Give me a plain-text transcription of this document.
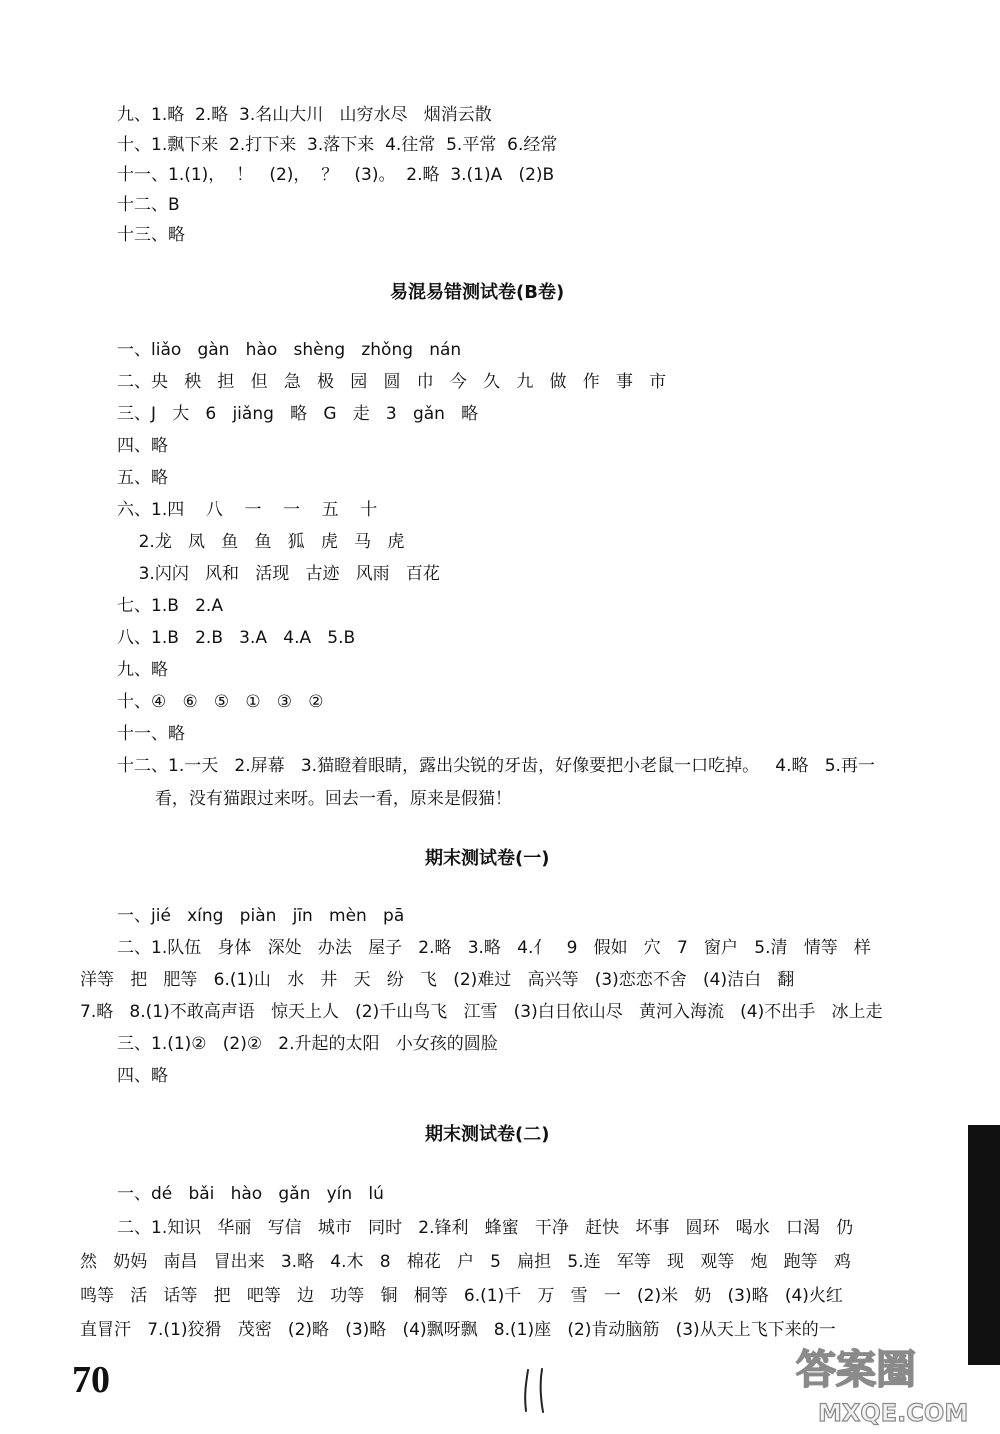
九、1.略  2.略  3.名山大川   山穷水尽   烟消云散
十、1.飘下来  2.打下来  3.落下来  4.往常  5.平常  6.经常
十一、1.(1)，  ！   (2)，  ？   (3)。  2.略  3.(1)A   (2)B
十二、B
十三、略
易混易错测试卷(B卷)
一、liǎo   gàn   hào   shèng   zhǒng   nán
二、央   秧   担   但   急   极   园   圆   巾   今   久   九   做   作   事   市
三、J   大   6   jiǎng   略   G   走   3   gǎn   略
四、略
五、略
六、1.四    八    一    一    五    十
2.龙   凤   鱼   鱼   狐   虎   马   虎
3.闪闪   风和   活现   古迹   风雨   百花
七、1.B   2.A
八、1.B   2.B   3.A   4.A   5.B
九、略
十、④   ⑥   ⑤   ①   ③   ②
十一、略
十二、1.一天   2.屏幕   3.猫瞪着眼睛，露出尖锐的牙齿，好像要把小老鼠一口吃掉。   4.略   5.再一
看，没有猫跟过来呀。回去一看，原来是假猫！
期末测试卷(一)
一、jié   xíng   piàn   jīn   mèn   pā
二、1.队伍   身体   深处   办法   屋子   2.略   3.略   4.亻   9   假如   穴   7   窗户   5.清   情等   样
洋等   把   肥等   6.(1)山   水   井   天   纷   飞   (2)难过   高兴等   (3)恋恋不舍   (4)洁白   翻
7.略   8.(1)不敢高声语   惊天上人   (2)千山鸟飞   江雪   (3)白日依山尽   黄河入海流   (4)不出手   冰上走
三、1.(1)②   (2)②   2.升起的太阳   小女孩的圆脸
四、略
期末测试卷(二)
一、dé   bǎi   hào   gǎn   yín   lú
二、1.知识   华丽   写信   城市   同时   2.锋利   蜂蜜   干净   赶快   坏事   圆环   喝水   口渴   仍
然   奶妈   南昌   冒出来   3.略   4.木   8   棉花   户   5   扁担   5.连   军等   现   观等   炮   跑等   鸡
鸣等   活   话等   把   吧等   边   功等   铜   桐等   6.(1)千   万   雪   一   (2)米   奶   (3)略   (4)火红
直冒汗   7.(1)狡猾   茂密   (2)略   (3)略   (4)飘呀飘   8.(1)座   (2)肯动脑筋   (3)从天上飞下来的一
70	答案圈
MXQE.COM
